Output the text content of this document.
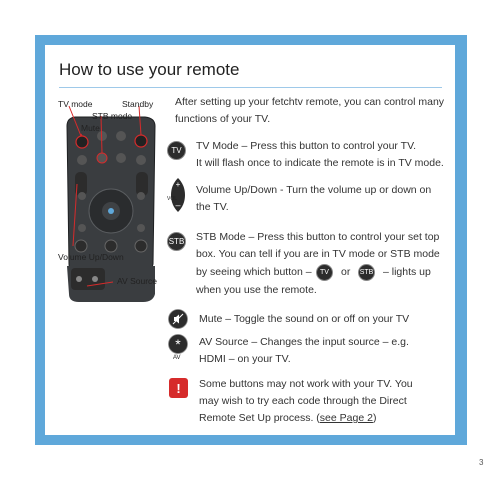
How to use your remote
TV mode	Standby
STB mode
Mute
Volume Up/Down
AV Source
After setting up your fetchtv remote, you can control many functions of your TV.
TV	TV Mode – Press this button to control your TV.
It will flash once to indicate the remote is in TV mode.
+
–
VOL
Volume Up/Down - Turn the volume up or down on
the TV.
STB STB Mode – Press this button to control your set top
box. You can tell if you are in TV mode or STB mode
by seeing which button –	TV	or STB – lights up
when you use the remote.
Mute – Toggle the sound on or off on your TV
*
AV
AV Source – Changes the input source – e.g.
HDMI – on your TV.
!	Some buttons may not work with your TV. You
may wish to try each code through the Direct
Remote Set Up process. (see Page 2)
3
